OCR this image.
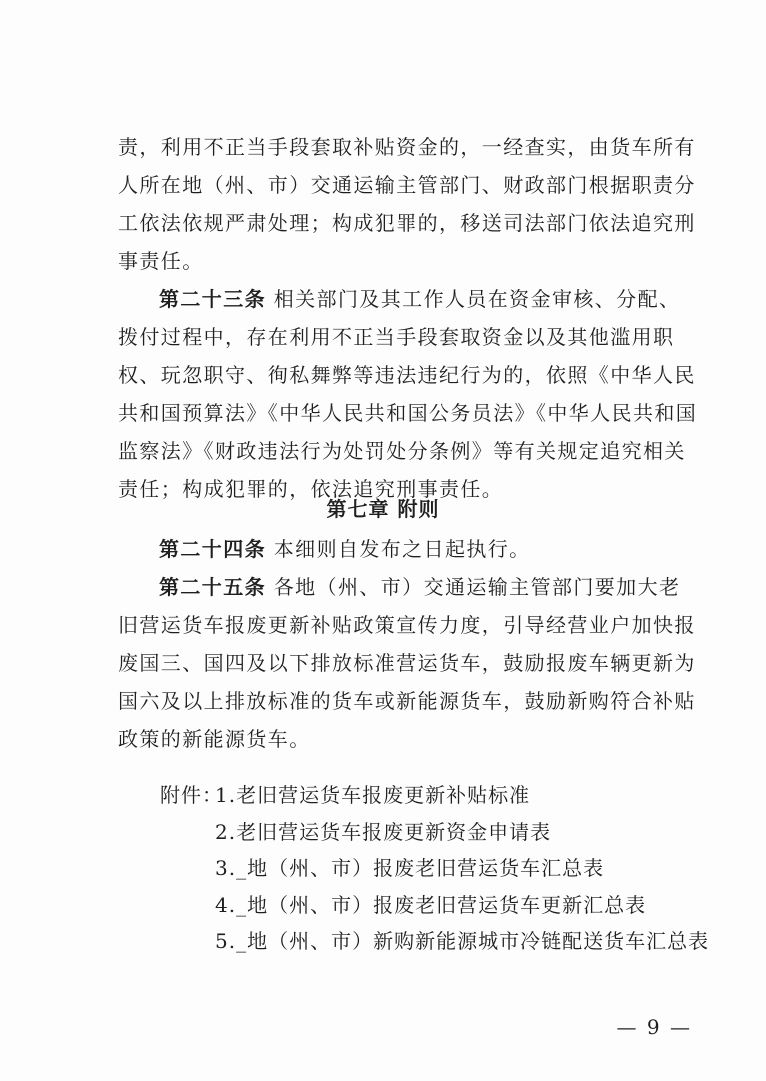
责，利用不正当手段套取补贴资金的，一经查实，由货车所有人所在地（州、市）交通运输主管部门、财政部门根据职责分工依法依规严肃处理；构成犯罪的，移送司法部门依法追究刑事责任。

第二十三条 相关部门及其工作人员在资金审核、分配、拨付过程中，存在利用不正当手段套取资金以及其他滥用职权、玩忽职守、徇私舞弊等违法违纪行为的，依照《中华人民共和国预算法》《中华人民共和国公务员法》《中华人民共和国监察法》《财政违法行为处罚处分条例》等有关规定追究相关责任；构成犯罪的，依法追究刑事责任。

第七章 附则

第二十四条 本细则自发布之日起执行。

第二十五条 各地（州、市）交通运输主管部门要加大老旧营运货车报废更新补贴政策宣传力度，引导经营业户加快报废国三、国四及以下排放标准营运货车，鼓励报废车辆更新为国六及以上排放标准的货车或新能源货车，鼓励新购符合补贴政策的新能源货车。

附件：
1.老旧营运货车报废更新补贴标准
2.老旧营运货车报废更新资金申请表
3._地（州、市）报废老旧营运货车汇总表
4._地（州、市）报废老旧营运货车更新汇总表
5._地（州、市）新购新能源城市冷链配送货车汇总表
— 9 —
